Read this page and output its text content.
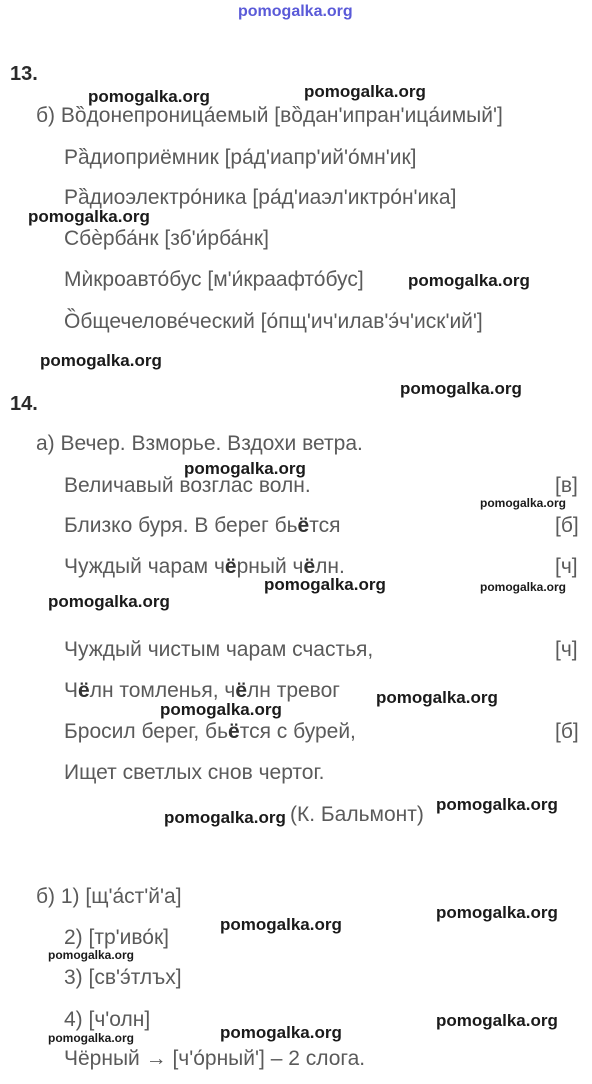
pomogalka.org
13.
б) Вȍдонепроница́емый [вȍдан'ипран'ица́имый']
Рȁдиоприёмник [ра́д'иапр'ий'о́мн'ик]
Рȁдиоэлектро́ника [ра́д'иаэл'иктро́н'ика]
Сбѐрба́нк [зб'и́рба́нк]
Мѝкроавто́бус [м'и́краафто́бус]
Ȍбщечелове́ческий [о́пщ'ич'илав'э́ч'иск'ий']
14.
а) Вечер. Взморье. Вздохи ветра.
Величавый возглас волн.	[в]
Близко буря. В берег бьётся	[б]
Чуждый чарам чёрный чёлн.	[ч]
Чуждый чистым чарам счастья,	[ч]
Чёлн томленья, чёлн тревог
Бросил берег, бьётся с бурей,	[б]
Ищет светлых снов чертог.
(К. Бальмонт)
б) 1) [щ'а́ст'й'а]
2) [тр'иво́к]
3) [св'э́тлъх]
4) [ч'олн]
Чёрный → [ч'о́рный'] – 2 слога.
pomogalka.org
pomogalka.org
pomogalka.org
pomogalka.org
pomogalka.org
pomogalka.org
pomogalka.org
pomogalka.org
pomogalka.org	pomogalka.org
pomogalka.org
pomogalka.org
pomogalka.org
pomogalka.org
pomogalka.org
pomogalka.org
pomogalka.org
pomogalka.org
pomogalka.org
pomogalka.org
pomogalka.org
